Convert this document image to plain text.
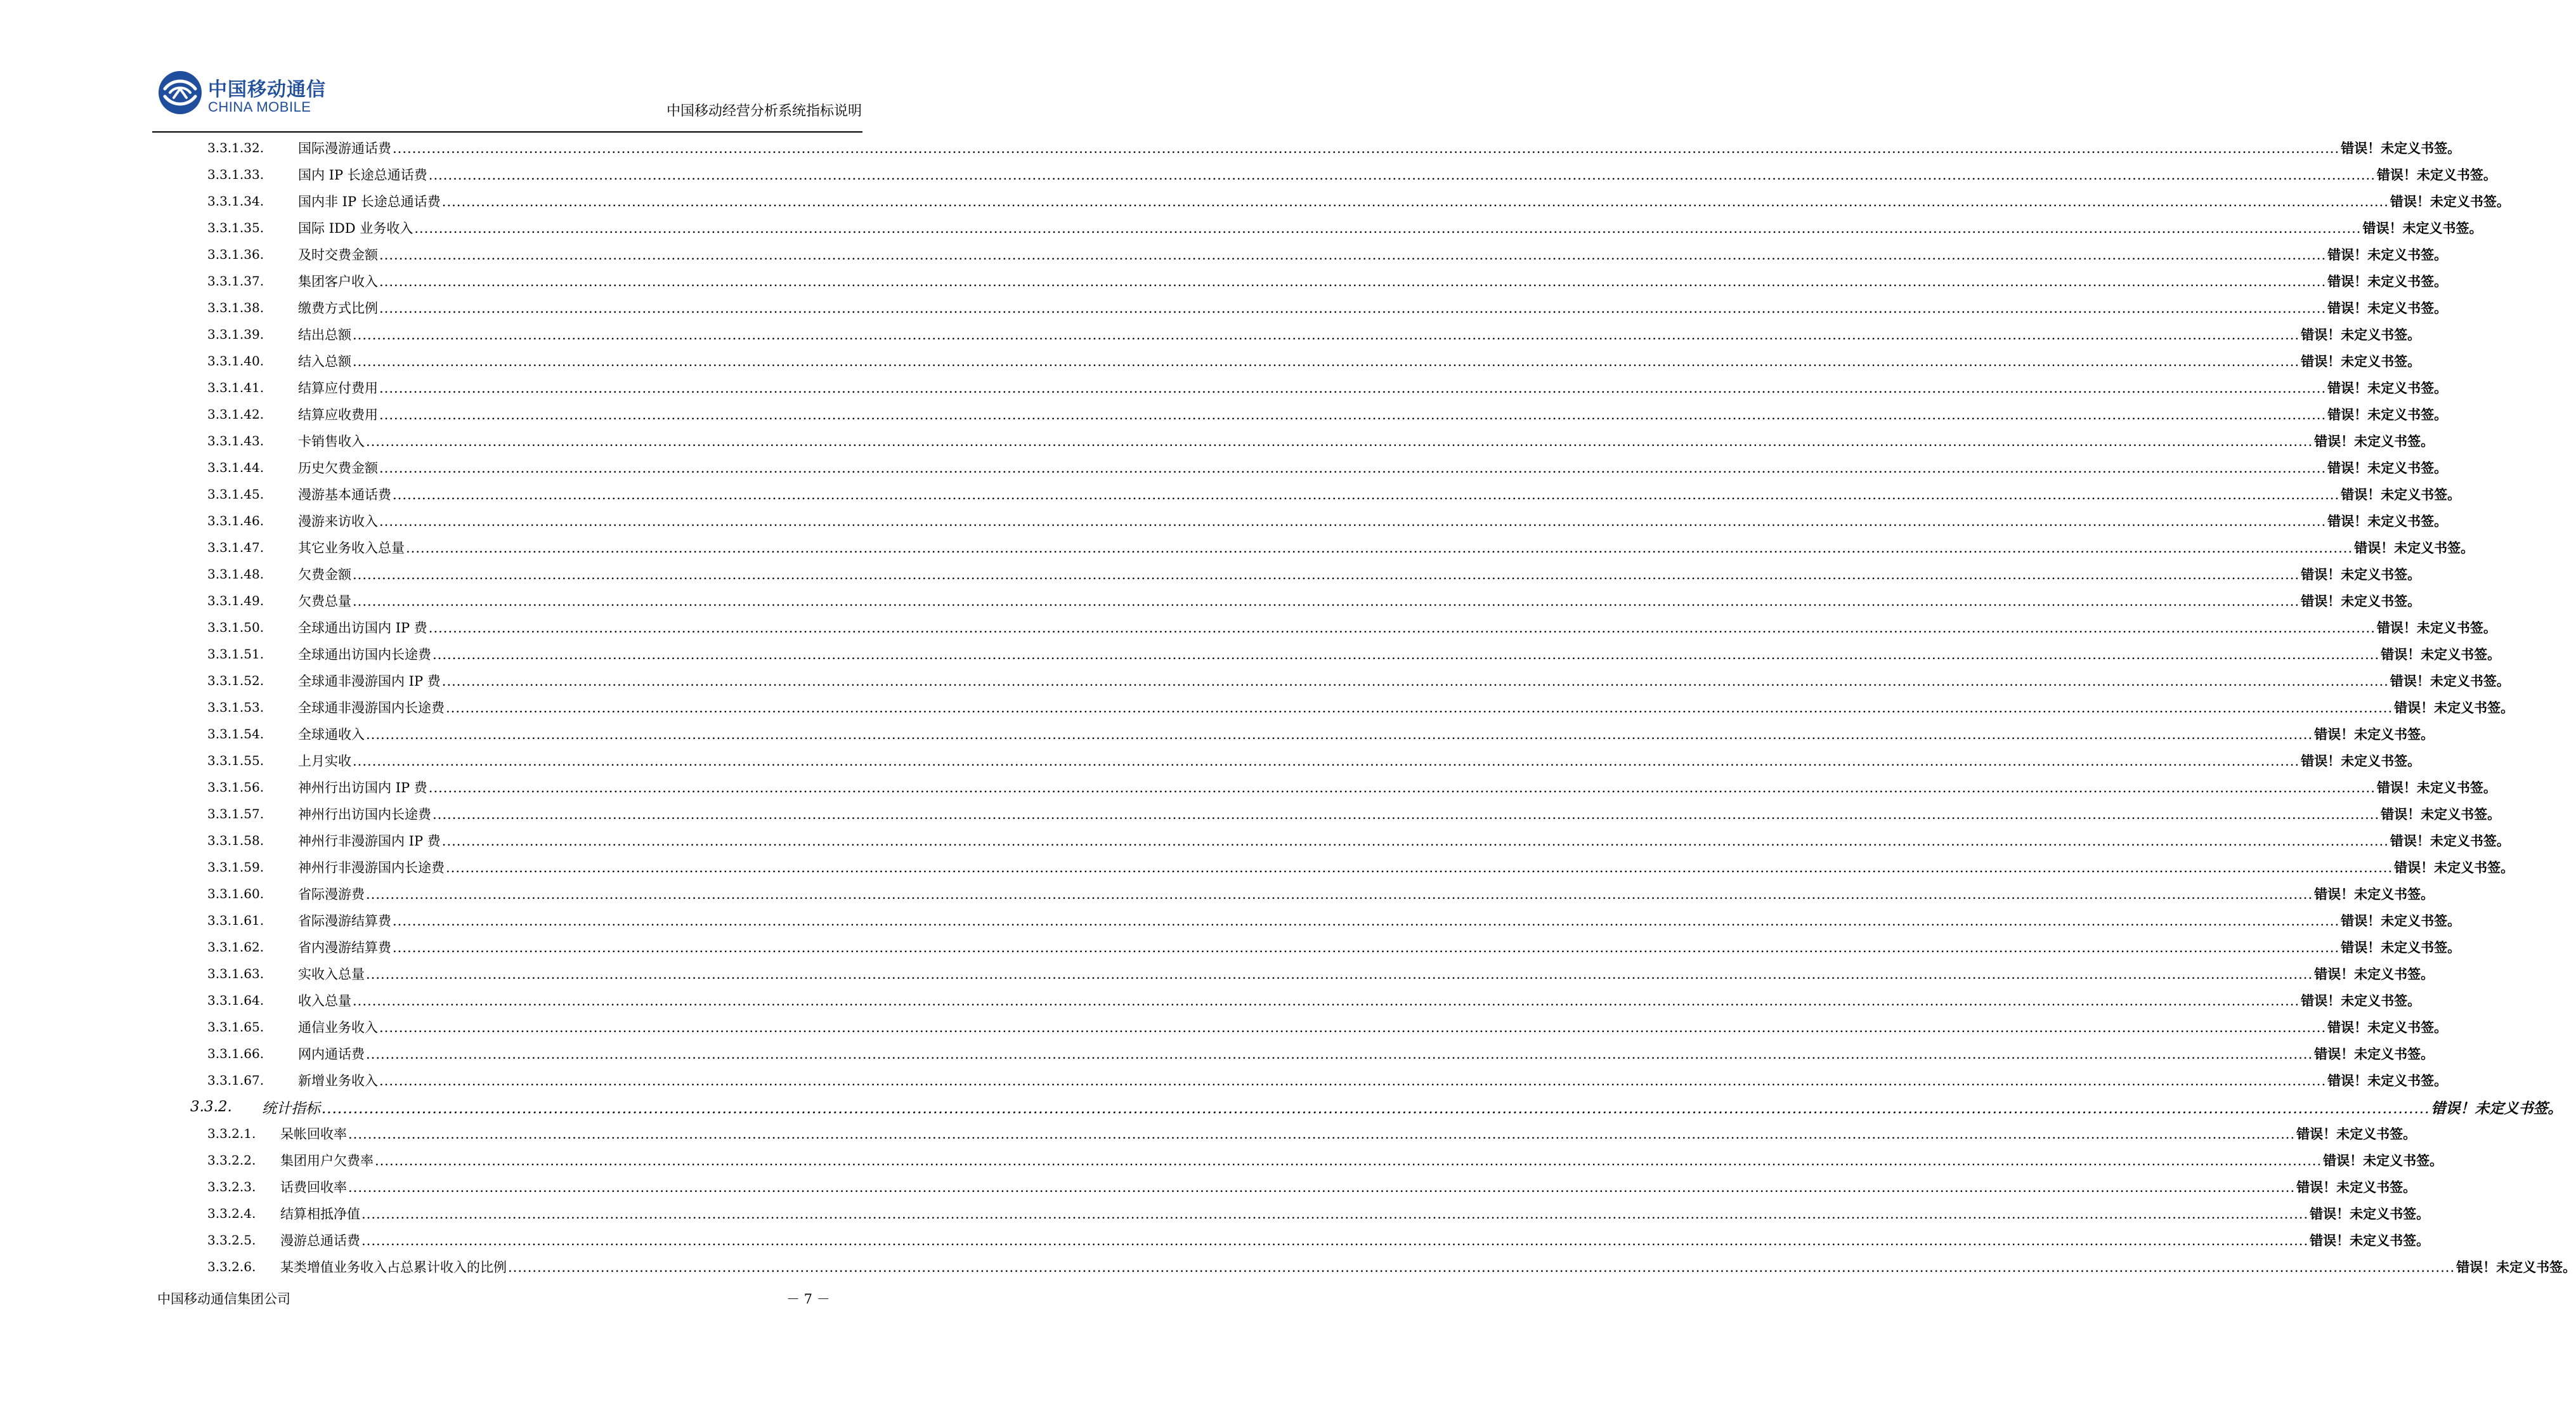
中国移动通信
CHINA MOBILE	中国移动经营分析系统指标说明
3.3.1.32.	国际漫游通话费 ................................................................................................................................................................................................................................................................................................................................................................................................................ 错误！未定义书签。
3.3.1.33.	国内 IP 长途总通话费 ................................................................................................................................................................................................................................................................................................................................................................................................................ 错误！未定义书签。
3.3.1.34.	国内非 IP 长途总通话费 ................................................................................................................................................................................................................................................................................................................................................................................................................ 错误！未定义书签。
3.3.1.35.	国际 IDD 业务收入 ................................................................................................................................................................................................................................................................................................................................................................................................................ 错误！未定义书签。
3.3.1.36.	及时交费金额 ................................................................................................................................................................................................................................................................................................................................................................................................................ 错误！未定义书签。
3.3.1.37.	集团客户收入 ................................................................................................................................................................................................................................................................................................................................................................................................................ 错误！未定义书签。
3.3.1.38.	缴费方式比例 ................................................................................................................................................................................................................................................................................................................................................................................................................ 错误！未定义书签。
3.3.1.39.	结出总额 ................................................................................................................................................................................................................................................................................................................................................................................................................ 错误！未定义书签。
3.3.1.40.	结入总额 ................................................................................................................................................................................................................................................................................................................................................................................................................ 错误！未定义书签。
3.3.1.41.	结算应付费用 ................................................................................................................................................................................................................................................................................................................................................................................................................ 错误！未定义书签。
3.3.1.42.	结算应收费用 ................................................................................................................................................................................................................................................................................................................................................................................................................ 错误！未定义书签。
3.3.1.43.	卡销售收入 ................................................................................................................................................................................................................................................................................................................................................................................................................ 错误！未定义书签。
3.3.1.44.	历史欠费金额 ................................................................................................................................................................................................................................................................................................................................................................................................................ 错误！未定义书签。
3.3.1.45.	漫游基本通话费 ................................................................................................................................................................................................................................................................................................................................................................................................................ 错误！未定义书签。
3.3.1.46.	漫游来访收入 ................................................................................................................................................................................................................................................................................................................................................................................................................ 错误！未定义书签。
3.3.1.47.	其它业务收入总量 ................................................................................................................................................................................................................................................................................................................................................................................................................ 错误！未定义书签。
3.3.1.48.	欠费金额 ................................................................................................................................................................................................................................................................................................................................................................................................................ 错误！未定义书签。
3.3.1.49.	欠费总量 ................................................................................................................................................................................................................................................................................................................................................................................................................ 错误！未定义书签。
3.3.1.50.	全球通出访国内 IP 费 ................................................................................................................................................................................................................................................................................................................................................................................................................ 错误！未定义书签。
3.3.1.51.	全球通出访国内长途费 ................................................................................................................................................................................................................................................................................................................................................................................................................ 错误！未定义书签。
3.3.1.52.	全球通非漫游国内 IP 费 ................................................................................................................................................................................................................................................................................................................................................................................................................ 错误！未定义书签。
3.3.1.53.	全球通非漫游国内长途费 ................................................................................................................................................................................................................................................................................................................................................................................................................ 错误！未定义书签。
3.3.1.54.	全球通收入 ................................................................................................................................................................................................................................................................................................................................................................................................................ 错误！未定义书签。
3.3.1.55.	上月实收 ................................................................................................................................................................................................................................................................................................................................................................................................................ 错误！未定义书签。
3.3.1.56.	神州行出访国内 IP 费 ................................................................................................................................................................................................................................................................................................................................................................................................................ 错误！未定义书签。
3.3.1.57.	神州行出访国内长途费 ................................................................................................................................................................................................................................................................................................................................................................................................................ 错误！未定义书签。
3.3.1.58.	神州行非漫游国内 IP 费 ................................................................................................................................................................................................................................................................................................................................................................................................................ 错误！未定义书签。
3.3.1.59.	神州行非漫游国内长途费 ................................................................................................................................................................................................................................................................................................................................................................................................................ 错误！未定义书签。
3.3.1.60.	省际漫游费 ................................................................................................................................................................................................................................................................................................................................................................................................................ 错误！未定义书签。
3.3.1.61.	省际漫游结算费 ................................................................................................................................................................................................................................................................................................................................................................................................................ 错误！未定义书签。
3.3.1.62.	省内漫游结算费 ................................................................................................................................................................................................................................................................................................................................................................................................................ 错误！未定义书签。
3.3.1.63.	实收入总量 ................................................................................................................................................................................................................................................................................................................................................................................................................ 错误！未定义书签。
3.3.1.64.	收入总量 ................................................................................................................................................................................................................................................................................................................................................................................................................ 错误！未定义书签。
3.3.1.65.	通信业务收入 ................................................................................................................................................................................................................................................................................................................................................................................................................ 错误！未定义书签。
3.3.1.66.	网内通话费 ................................................................................................................................................................................................................................................................................................................................................................................................................ 错误！未定义书签。
3.3.1.67.	新增业务收入 ................................................................................................................................................................................................................................................................................................................................................................................................................ 错误！未定义书签。
3.3.2. 统计指标 ................................................................................................................................................................................................................................................................................................................................................................................................................ 错误！未定义书签。
3.3.2.1. 呆帐回收率 ................................................................................................................................................................................................................................................................................................................................................................................................................ 错误！未定义书签。
3.3.2.2. 集团用户欠费率 ................................................................................................................................................................................................................................................................................................................................................................................................................ 错误！未定义书签。
3.3.2.3. 话费回收率 ................................................................................................................................................................................................................................................................................................................................................................................................................ 错误！未定义书签。
3.3.2.4. 结算相抵净值 ................................................................................................................................................................................................................................................................................................................................................................................................................ 错误！未定义书签。
3.3.2.5. 漫游总通话费 ................................................................................................................................................................................................................................................................................................................................................................................................................ 错误！未定义书签。
3.3.2.6. 某类增值业务收入占总累计收入的比例 ................................................................................................................................................................................................................................................................................................................................................................................................................ 错误！未定义书签。
中国移动通信集团公司	－ 7 －
